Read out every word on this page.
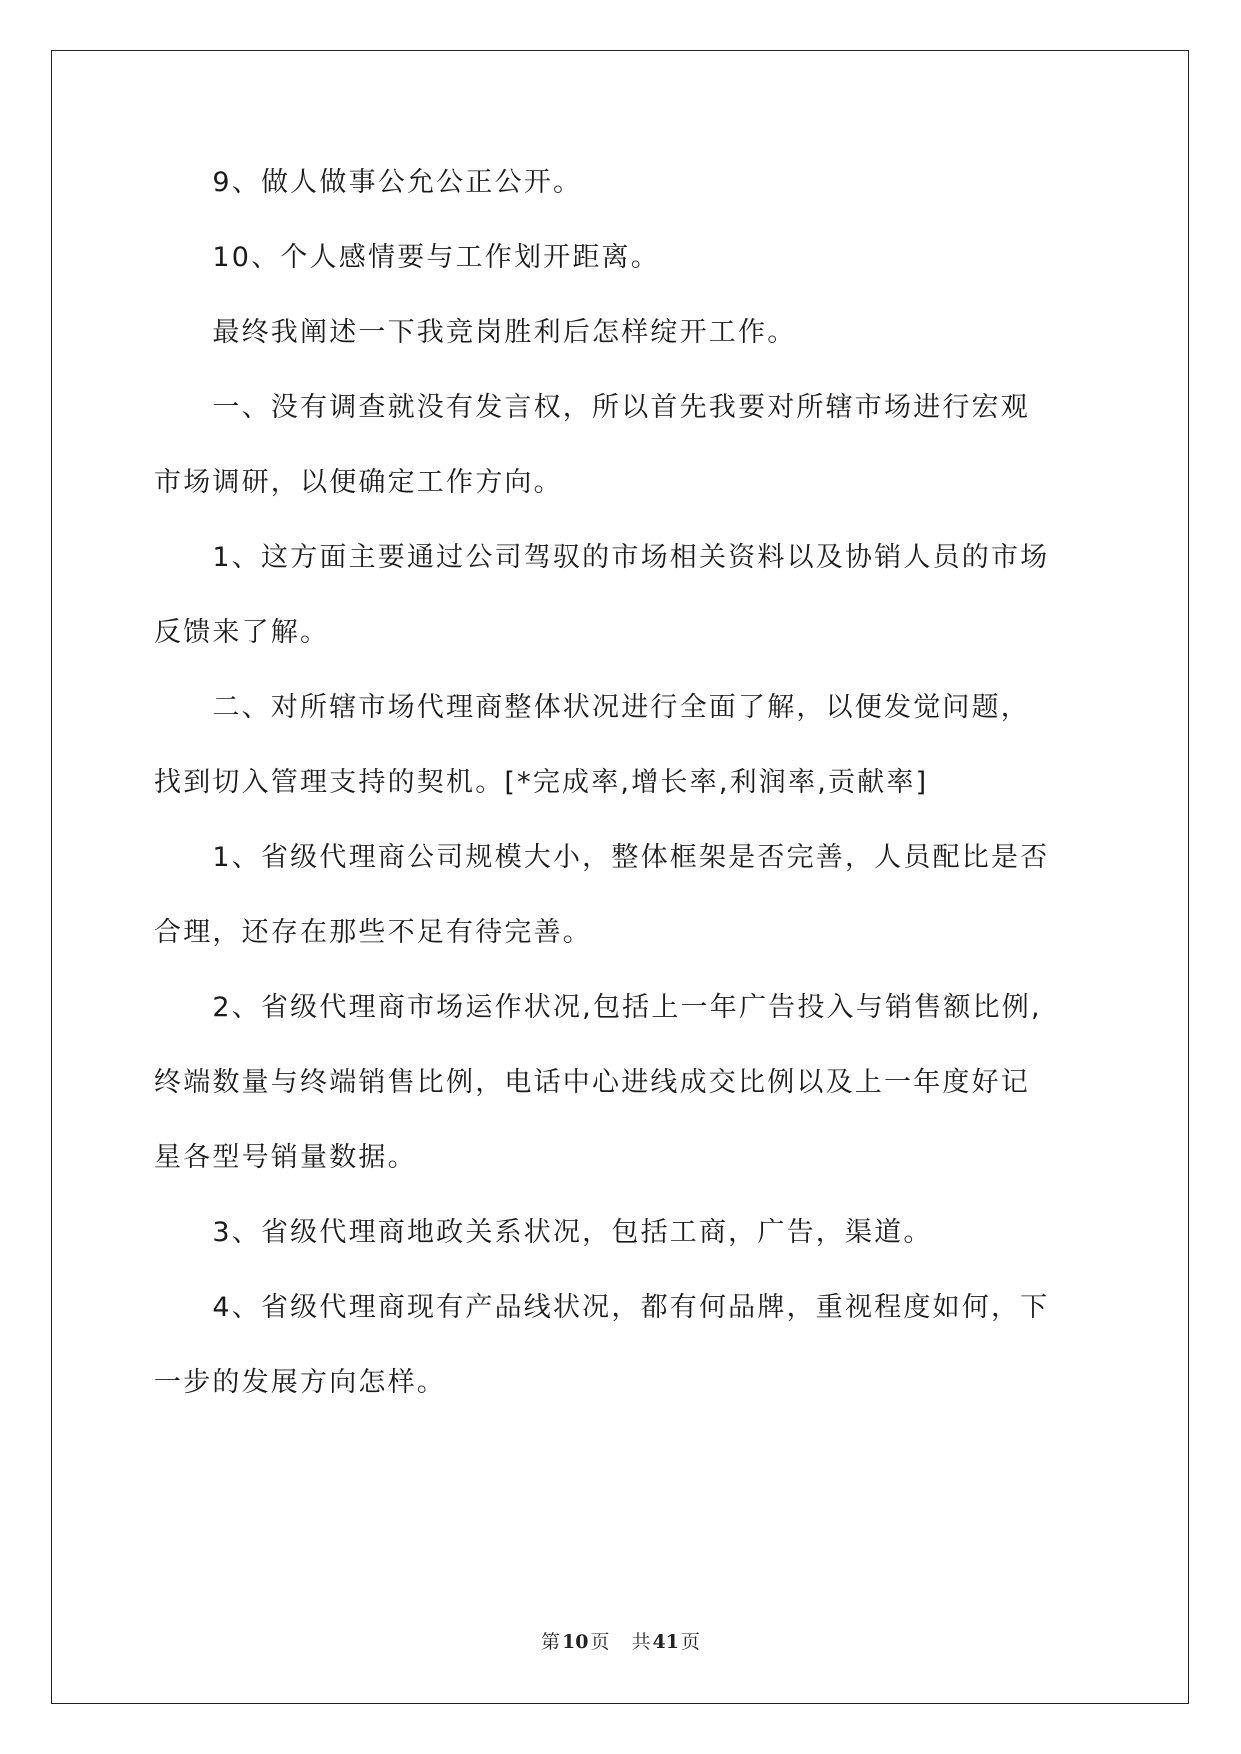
　　9、做人做事公允公正公开。
　　10、个人感情要与工作划开距离。
　　最终我阐述一下我竞岗胜利后怎样绽开工作。
　　一、没有调查就没有发言权，所以首先我要对所辖市场进行宏观
市场调研，以便确定工作方向。
　　1、这方面主要通过公司驾驭的市场相关资料以及协销人员的市场
反馈来了解。
　　二、对所辖市场代理商整体状况进行全面了解，以便发觉问题，
找到切入管理支持的契机。[*完成率,增长率,利润率,贡献率]
　　1、省级代理商公司规模大小，整体框架是否完善，人员配比是否
合理，还存在那些不足有待完善。
　　2、省级代理商市场运作状况,包括上一年广告投入与销售额比例,
终端数量与终端销售比例，电话中心进线成交比例以及上一年度好记
星各型号销量数据。
　　3、省级代理商地政关系状况，包括工商，广告，渠道。
　　4、省级代理商现有产品线状况，都有何品牌，重视程度如何，下
一步的发展方向怎样。
第 10 页 共 41 页
